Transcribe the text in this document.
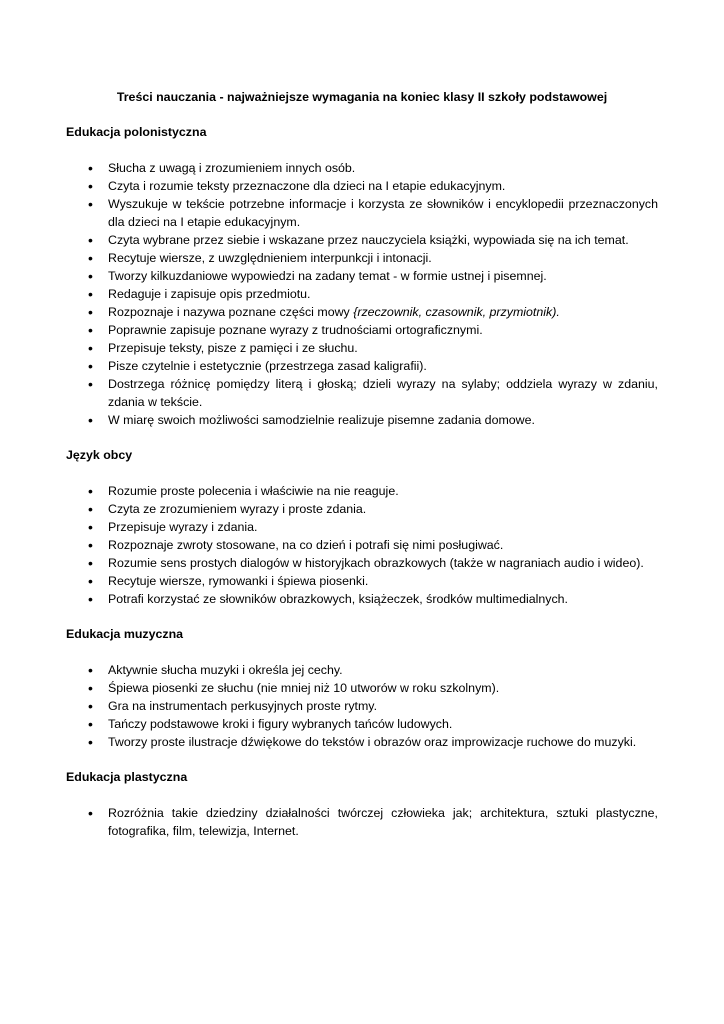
Treści nauczania - najważniejsze wymagania na koniec klasy II szkoły podstawowej
Edukacja polonistyczna
• Słucha z uwagą i zrozumieniem innych osób.
• Czyta i rozumie teksty przeznaczone dla dzieci na I etapie edukacyjnym.
• Wyszukuje w tekście potrzebne informacje i korzysta ze słowników i encyklopedii przeznaczonych dla dzieci na I etapie edukacyjnym.
• Czyta wybrane przez siebie i wskazane przez nauczyciela książki, wypowiada się na ich temat.
• Recytuje wiersze, z uwzględnieniem interpunkcji i intonacji.
• Tworzy kilkuzdaniowe wypowiedzi na zadany temat - w formie ustnej i pisemnej.
• Redaguje i zapisuje opis przedmiotu.
• Rozpoznaje i nazywa poznane części mowy {rzeczownik, czasownik, przymiotnik).
• Poprawnie zapisuje poznane wyrazy z trudnościami ortograficznymi.
• Przepisuje teksty, pisze z pamięci i ze słuchu.
• Pisze czytelnie i estetycznie (przestrzega zasad kaligrafii).
• Dostrzega różnicę pomiędzy literą i głoską; dzieli wyrazy na sylaby; oddziela wyrazy w zdaniu, zdania w tekście.
• W miarę swoich możliwości samodzielnie realizuje pisemne zadania domowe.
Język obcy
• Rozumie proste polecenia i właściwie na nie reaguje.
• Czyta ze zrozumieniem wyrazy i proste zdania.
• Przepisuje wyrazy i zdania.
• Rozpoznaje zwroty stosowane, na co dzień i potrafi się nimi posługiwać.
• Rozumie sens prostych dialogów w historyjkach obrazkowych (także w nagraniach audio i wideo).
• Recytuje wiersze, rymowanki i śpiewa piosenki.
• Potrafi korzystać ze słowników obrazkowych, książeczek, środków multimedialnych.
Edukacja muzyczna
• Aktywnie słucha muzyki i określa jej cechy.
• Śpiewa piosenki ze słuchu (nie mniej niż 10 utworów w roku szkolnym).
• Gra na instrumentach perkusyjnych proste rytmy.
• Tańczy podstawowe kroki i figury wybranych tańców ludowych.
• Tworzy proste ilustracje dźwiękowe do tekstów i obrazów oraz improwizacje ruchowe do muzyki.
Edukacja plastyczna
• Rozróżnia takie dziedziny działalności twórczej człowieka jak; architektura, sztuki plastyczne, fotografika, film, telewizja, Internet.
